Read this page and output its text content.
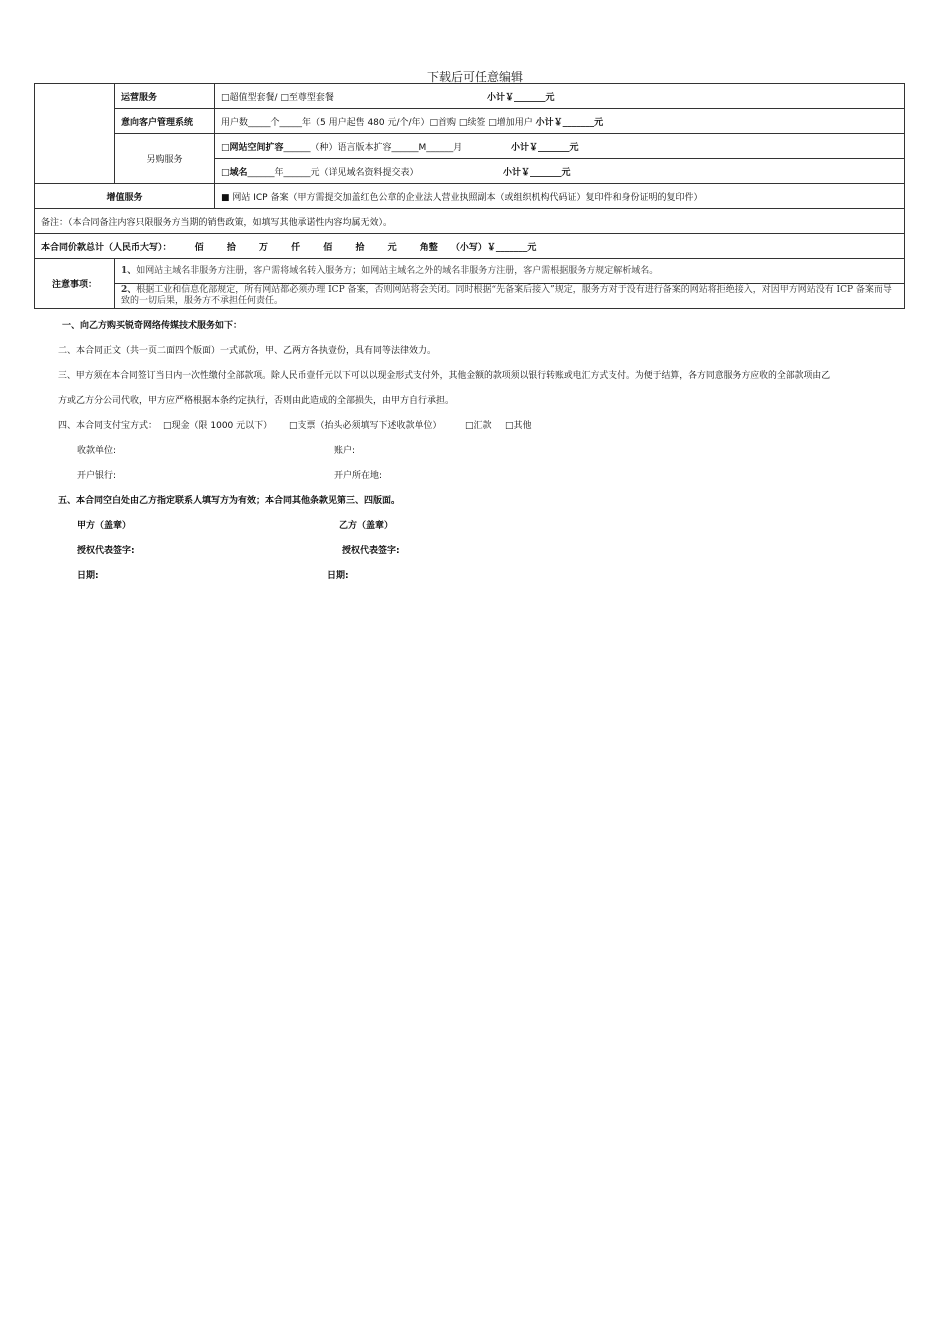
下载后可任意编辑
	运营服务	□超值型套餐/ □至尊型套餐 小计￥_______元
	意向客户管理系统	用户数_____个_____年（5 用户起售 480 元/个/年）□首购 □续签 □增加用户 小计￥_______元
	另购服务	□网站空间扩容______（种）语言版本扩容______M______月 小计￥_______元
		□域名______年______元（详见域名资料提交表） 小计￥_______元
增值服务		■ 网站 ICP 备案（甲方需提交加盖红色公章的企业法人营业执照副本（或组织机构代码证）复印件和身份证明的复印件）
备注：（本合同备注内容只限服务方当期的销售政策，如填写其他承诺性内容均属无效）。		
本合同价款总计（人民币大写）： 佰 拾 万 仟 佰 拾 元 角整 （小写）￥_______元		
注意事项：	1、如网站主域名非服务方注册，客户需将域名转入服务方；如网站主域名之外的域名非服务方注册，客户需根据服务方规定解析域名。	
	2、根据工业和信息化部规定，所有网站都必须办理 ICP 备案，否则网站将会关闭。同时根据“先备案后接入”规定，服务方对于没有进行备案的网站将拒绝接入，对因甲方网站没有 ICP 备案而导致的一切后果，服务方不承担任何责任。	
一、向乙方购买锐奇网络传媒技术服务如下：
二、本合同正文（共一页二面四个版面）一式贰份，甲、乙两方各执壹份，具有同等法律效力。
三、甲方须在本合同签订当日内一次性缴付全部款项。除人民币壹仟元以下可以以现金形式支付外，其他金额的款项须以银行转账或电汇方式支付。为便于结算，各方同意服务方应收的全部款项由乙
方或乙方分公司代收，甲方应严格根据本条约定执行，否则由此造成的全部损失，由甲方自行承担。
四、本合同支付宝方式： □现金（限 1000 元以下） □支票（抬头必须填写下述收款单位）	□汇款 □其他
收款单位:	账户:
开户银行:	开户所在地:
五、本合同空白处由乙方指定联系人填写方为有效；本合同其他条款见第三、四版面。
甲方（盖章）	乙方（盖章）
授权代表签字:	授权代表签字:
日期:	日期:
